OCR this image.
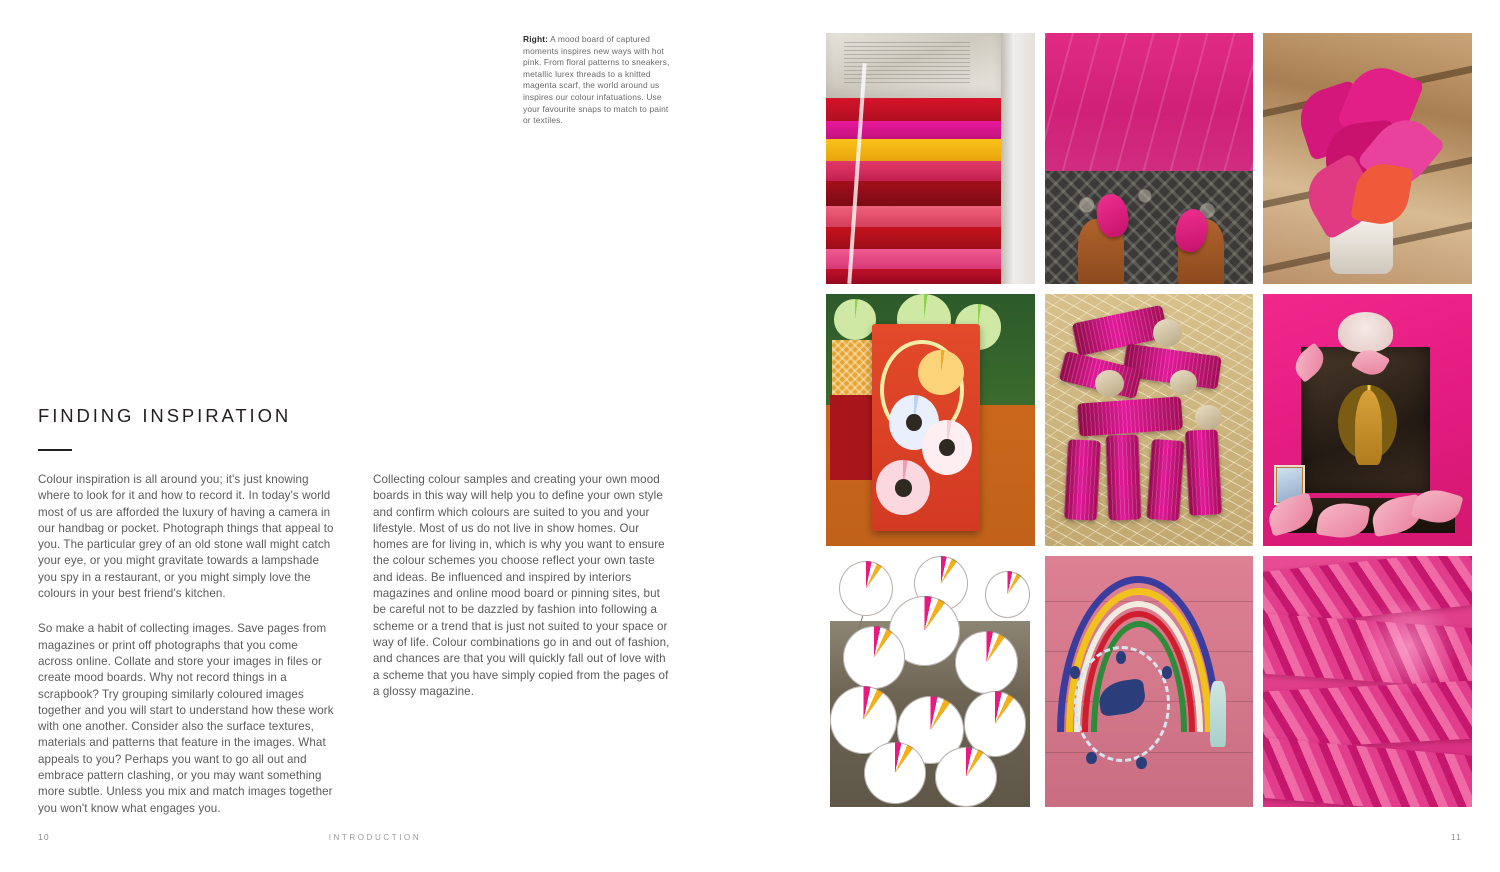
Right: A mood board of captured moments inspires new ways with hot pink. From floral patterns to sneakers, metallic lurex threads to a knitted magenta scarf, the world around us inspires our colour infatuations. Use your favourite snaps to match to paint or textiles.
FINDING INSPIRATION

Colour inspiration is all around you; it's just knowing where to look for it and how to record it. In today's world most of us are afforded the luxury of having a camera in our handbag or pocket. Photograph things that appeal to you. The particular grey of an old stone wall might catch your eye, or you might gravitate towards a lampshade you spy in a restaurant, or you might simply love the colours in your best friend's kitchen.

So make a habit of collecting images. Save pages from magazines or print off photographs that you come across online. Collate and store your images in files or create mood boards. Why not record things in a scrapbook? Try grouping similarly coloured images together and you will start to understand how these work with one another. Consider also the surface textures, materials and patterns that feature in the images. What appeals to you? Perhaps you want to go all out and embrace pattern clashing, or you may want something more subtle. Unless you mix and match images together you won't know what engages you.

Collecting colour samples and creating your own mood boards in this way will help you to define your own style and confirm which colours are suited to you and your lifestyle. Most of us do not live in show homes. Our homes are for living in, which is why you want to ensure the colour schemes you choose reflect your own taste and ideas. Be influenced and inspired by interiors magazines and online mood board or pinning sites, but be careful not to be dazzled by fashion into following a scheme or a trend that is just not suited to your space or way of life. Colour combinations go in and out of fashion, and chances are that you will quickly fall out of love with a scheme that you have simply copied from the pages of a glossy magazine.

10	INTRODUCTION	11
